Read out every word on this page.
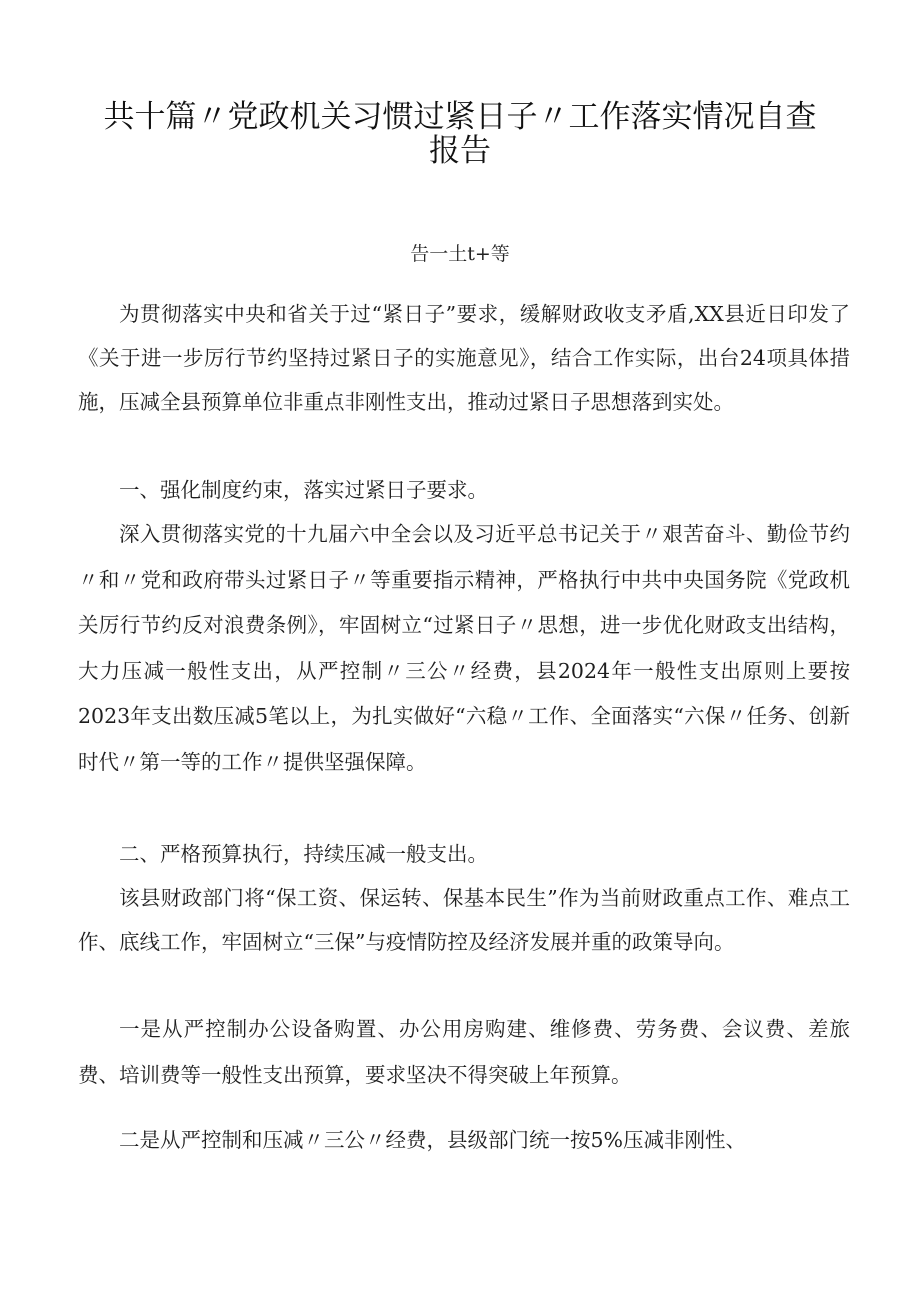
共十篇〃党政机关习惯过紧日子〃工作落实情况自查报告
告一土t+等

为贯彻落实中央和省关于过“紧日子”要求，缓解财政收支矛盾,XX县近日印发了《关于进一步厉行节约坚持过紧日子的实施意见》，结合工作实际，出台24项具体措施，压减全县预算单位非重点非刚性支出，推动过紧日子思想落到实处。

一、强化制度约束，落实过紧日子要求。

深入贯彻落实党的十九届六中全会以及习近平总书记关于〃艰苦奋斗、勤俭节约〃和〃党和政府带头过紧日子〃等重要指示精神，严格执行中共中央国务院《党政机关厉行节约反对浪费条例》，牢固树立“过紧日子〃思想，进一步优化财政支出结构，大力压减一般性支出，从严控制〃三公〃经费，县2024年一般性支出原则上要按2023年支出数压减5笔以上，为扎实做好“六稳〃工作、全面落实“六保〃任务、创新时代〃第一等的工作〃提供坚强保障。

二、严格预算执行，持续压减一般支出。

该县财政部门将“保工资、保运转、保基本民生”作为当前财政重点工作、难点工作、底线工作，牢固树立“三保”与疫情防控及经济发展并重的政策导向。

一是从严控制办公设备购置、办公用房购建、维修费、劳务费、会议费、差旅费、培训费等一般性支出预算，要求坚决不得突破上年预算。

二是从严控制和压减〃三公〃经费，县级部门统一按5%压减非刚性、
